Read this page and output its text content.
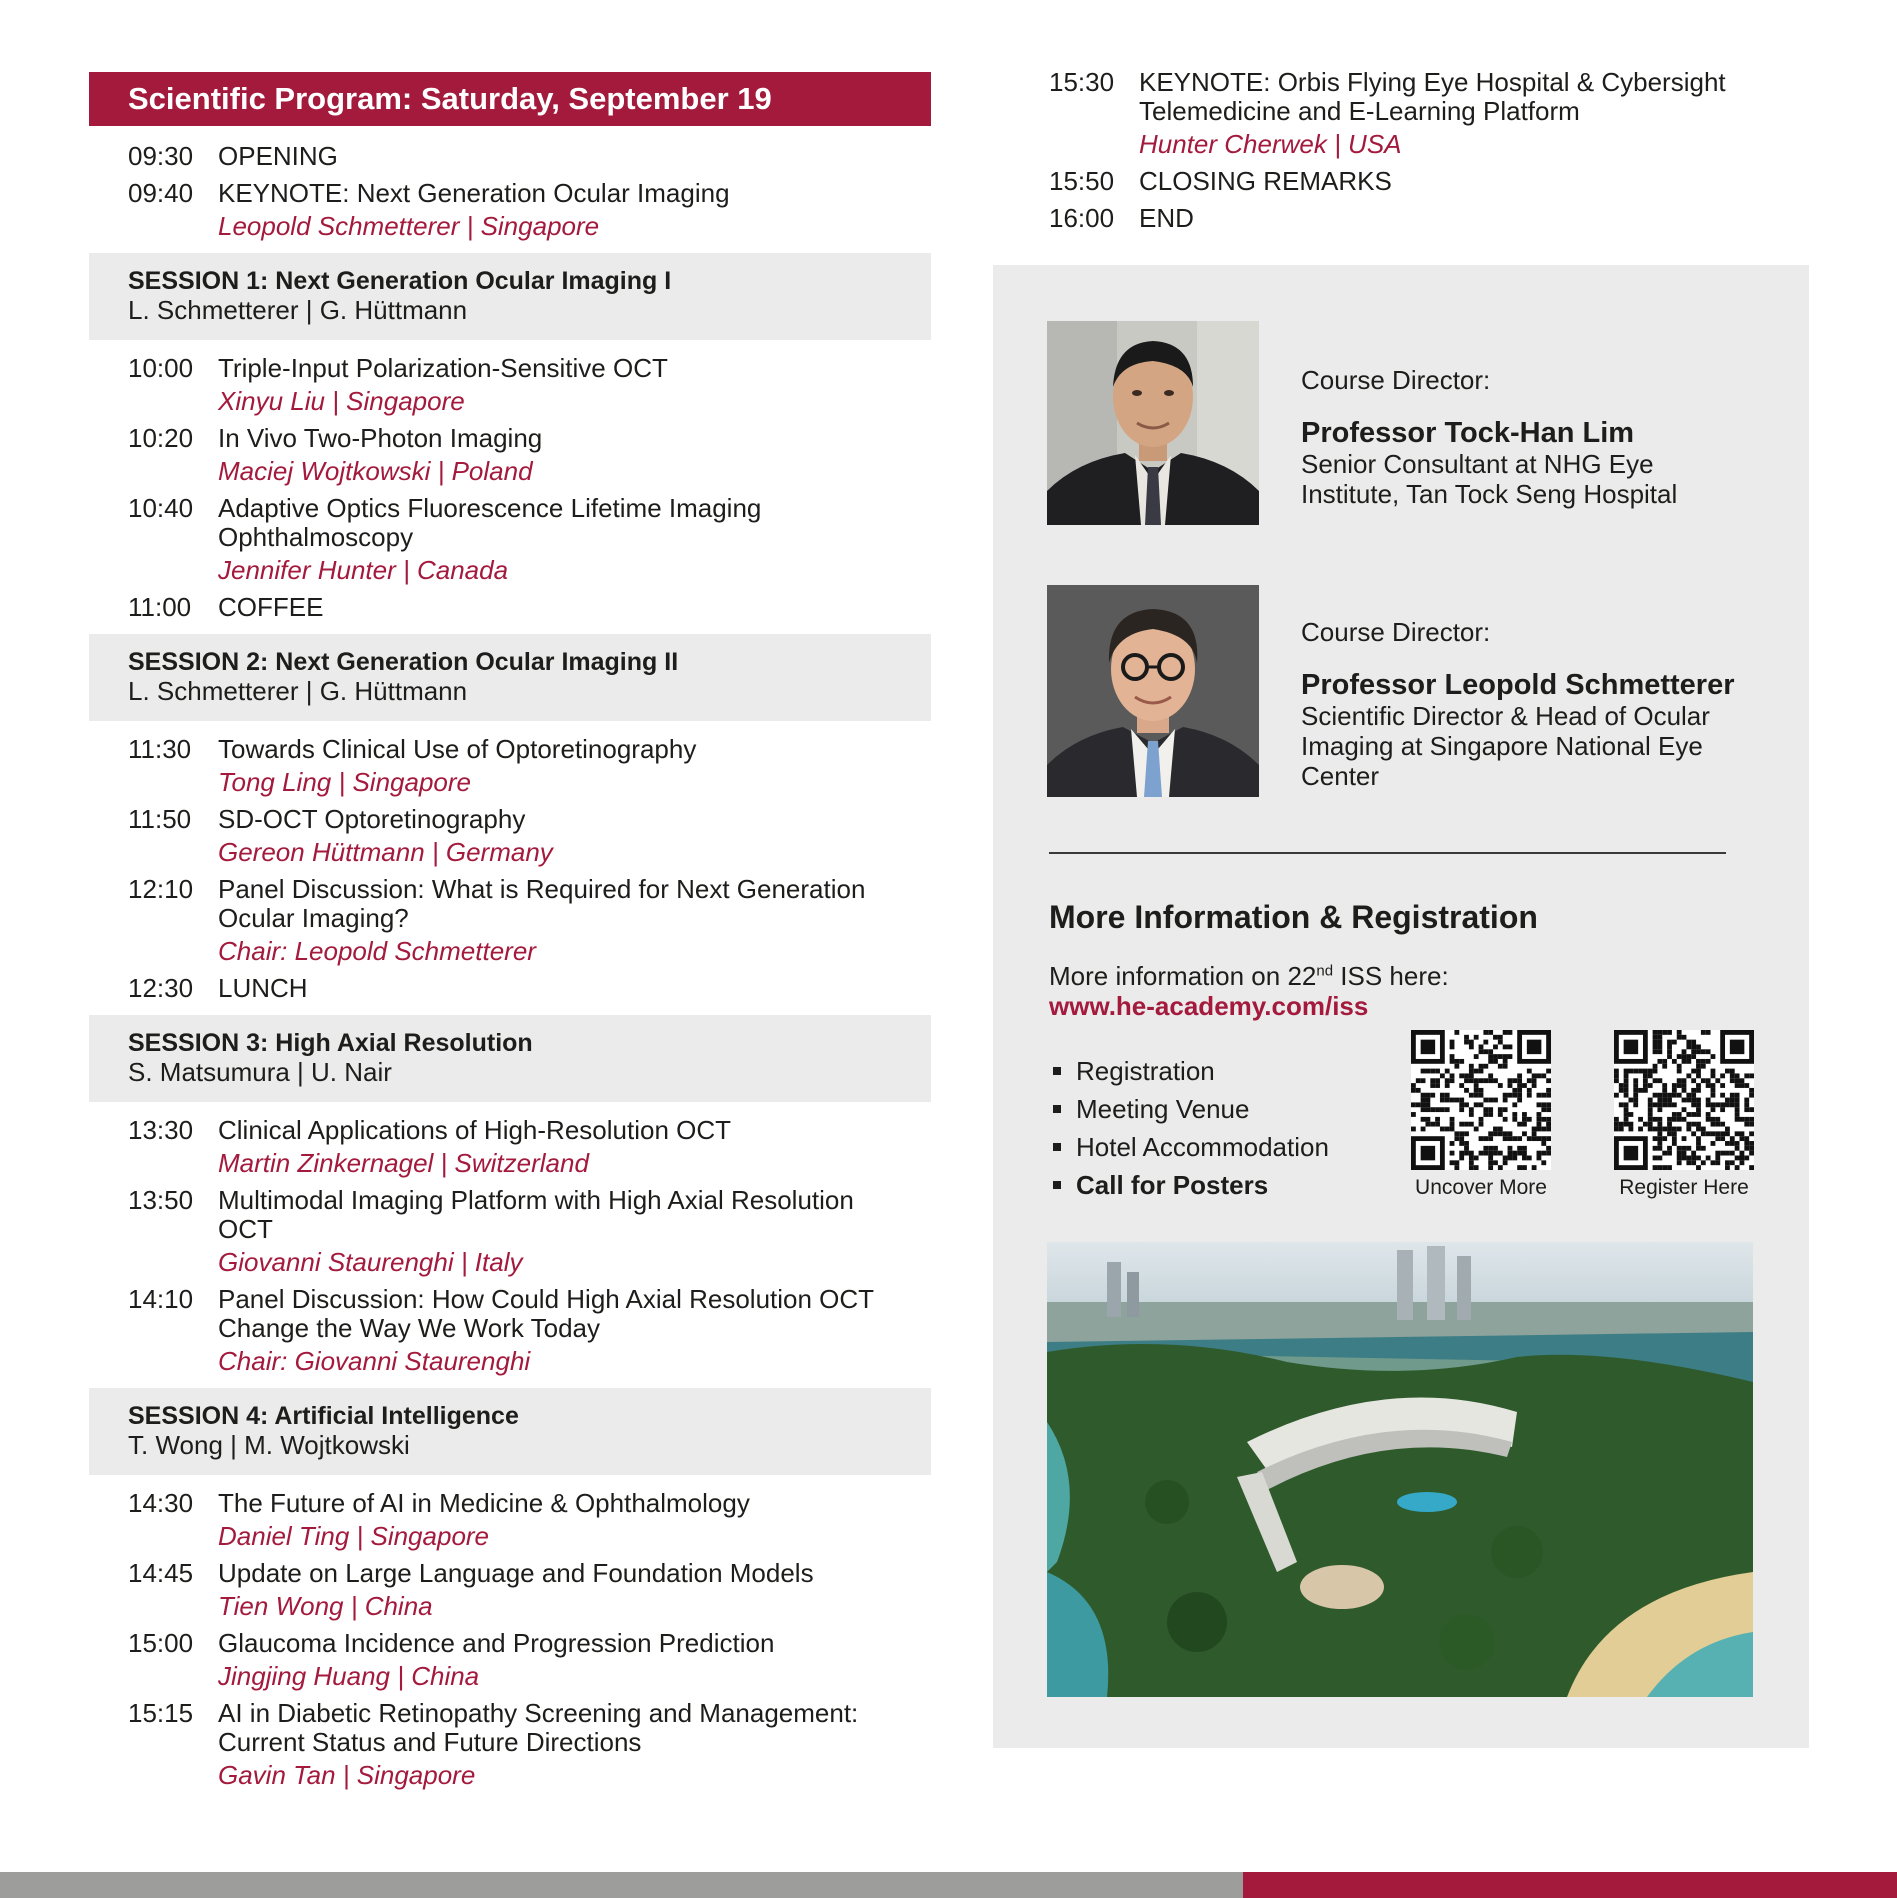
Scientific Program: Saturday, September 19
09:30 OPENING
09:40 KEYNOTE: Next Generation Ocular Imaging
Leopold Schmetterer | Singapore
SESSION 1: Next Generation Ocular Imaging I
L. Schmetterer | G. Hüttmann
10:00 Triple-Input Polarization-Sensitive OCT
Xinyu Liu | Singapore
10:20 In Vivo Two-Photon Imaging
Maciej Wojtkowski | Poland
10:40 Adaptive Optics Fluorescence Lifetime Imaging Ophthalmoscopy
Jennifer Hunter | Canada
11:00	COFFEE
SESSION 2: Next Generation Ocular Imaging II
L. Schmetterer | G. Hüttmann
11:30	Towards Clinical Use of Optoretinography
Tong Ling | Singapore
11:50	SD-OCT Optoretinography
Gereon Hüttmann | Germany
12:10 Panel Discussion: What is Required for Next Generation Ocular Imaging?
Chair: Leopold Schmetterer
12:30 LUNCH
SESSION 3: High Axial Resolution
S. Matsumura | U. Nair
13:30 Clinical Applications of High-Resolution OCT
Martin Zinkernagel | Switzerland
13:50 Multimodal Imaging Platform with High Axial Resolution OCT
Giovanni Staurenghi | Italy
14:10 Panel Discussion: How Could High Axial Resolution OCT Change the Way We Work Today
Chair: Giovanni Staurenghi
SESSION 4: Artificial Intelligence
T. Wong | M. Wojtkowski
14:30 The Future of AI in Medicine & Ophthalmology
Daniel Ting | Singapore
14:45 Update on Large Language and Foundation Models
Tien Wong | China
15:00 Glaucoma Incidence and Progression Prediction
Jingjing Huang | China
15:15 AI in Diabetic Retinopathy Screening and Management: Current Status and Future Directions
Gavin Tan | Singapore
15:30 KEYNOTE: Orbis Flying Eye Hospital & Cybersight Telemedicine and E-Learning Platform
Hunter Cherwek | USA
15:50 CLOSING REMARKS
16:00 END
Course Director:
Professor Tock-Han Lim
Senior Consultant at NHG Eye
Institute, Tan Tock Seng Hospital
Course Director:
Professor Leopold Schmetterer
Scientific Director & Head of Ocular
Imaging at Singapore National Eye
Center
More Information & Registration
More information on 22nd ISS here:
www.he-academy.com/iss
Registration
Meeting Venue
Hotel Accommodation
Call for Posters	Uncover More	Register Here
